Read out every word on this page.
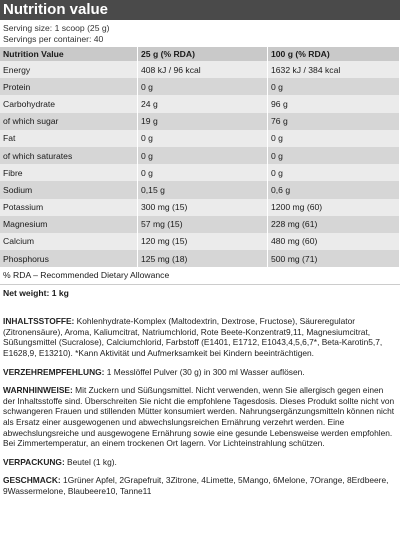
Nutrition value
Serving size: 1 scoop (25 g)
Servings per container: 40
Nutrition Value	25 g (% RDA)	100 g (% RDA)
Energy	408 kJ / 96 kcal	1632 kJ / 384 kcal
Protein	0 g	0 g
Carbohydrate	24 g	96 g
of which sugar	19 g	76 g
Fat	0 g	0 g
of which saturates	0 g	0 g
Fibre	0 g	0 g
Sodium	0,15 g	0,6 g
Potassium	300 mg (15)	1200 mg (60)
Magnesium	57 mg (15)	228 mg (61)
Calcium	120 mg (15)	480 mg (60)
Phosphorus	125 mg (18)	500 mg (71)
% RDA – Recommended Dietary Allowance
Net weight: 1 kg

INHALTSSTOFFE: Kohlenhydrate-Komplex (Maltodextrin, Dextrose, Fructose), Säureregulator (Zitronensäure), Aroma, Kaliumcitrat, Natriumchlorid, Rote Beete-Konzentrat9,11, Magnesiumcitrat, Süßungsmittel (Sucralose), Calciumchlorid, Farbstoff (E1401, E1712, E1043,4,5,6,7*, Beta-Karotin5,7, E1628,9, E13210). *Kann Aktivität und Aufmerksamkeit bei Kindern beeinträchtigen.

VERZEHREMPFEHLUNG: 1 Messlöffel Pulver (30 g) in 300 ml Wasser auflösen.

WARNHINWEISE: Mit Zuckern und Süßungsmittel. Nicht verwenden, wenn Sie allergisch gegen einen der Inhaltsstoffe sind. Überschreiten Sie nicht die empfohlene Tagesdosis. Dieses Produkt sollte nicht von schwangeren Frauen und stillenden Mütter konsumiert werden. Nahrungsergänzungsmitteln können nicht als Ersatz einer ausgewogenen und abwechslungsreichen Ernährung verzehrt werden. Eine abwechslungsreiche und ausgewogene Ernährung sowie eine gesunde Lebensweise werden empfohlen. Bei Zimmertemperatur, an einem trockenen Ort lagern. Vor Lichteinstrahlung schützen.

VERPACKUNG: Beutel (1 kg).

GESCHMACK: 1Grüner Apfel, 2Grapefruit, 3Zitrone, 4Limette, 5Mango, 6Melone, 7Orange, 8Erdbeere, 9Wassermelone, Blaubeere10, Tanne11
